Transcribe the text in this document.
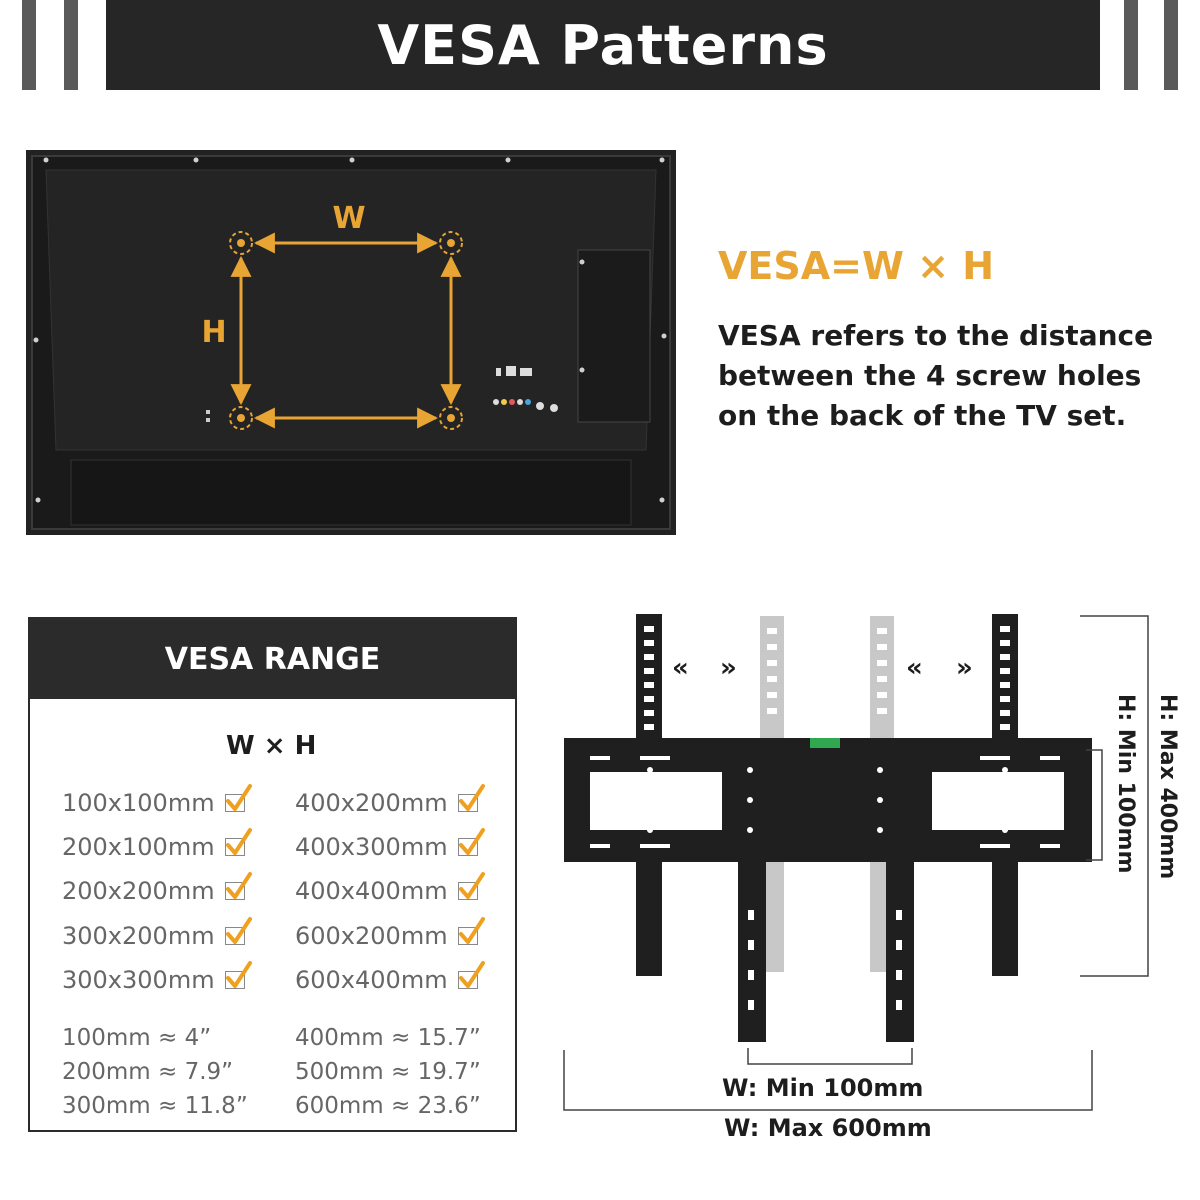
VESA Patterns
W
H
VESA=W × H
VESA refers to the distance between the 4 screw holes on the back of the TV set.
VESA RANGE
W × H
100x100mm
200x100mm
200x200mm
300x200mm
300x300mm
400x200mm
400x300mm
400x400mm
600x200mm
600x400mm
100mm ≈ 4”
200mm ≈ 7.9”
300mm ≈ 11.8”
400mm ≈ 15.7”
500mm ≈ 19.7”
600mm ≈ 23.6”
« »	« »
H: Min 100mm H: Max 400mm
W: Min 100mm
W: Max 600mm
